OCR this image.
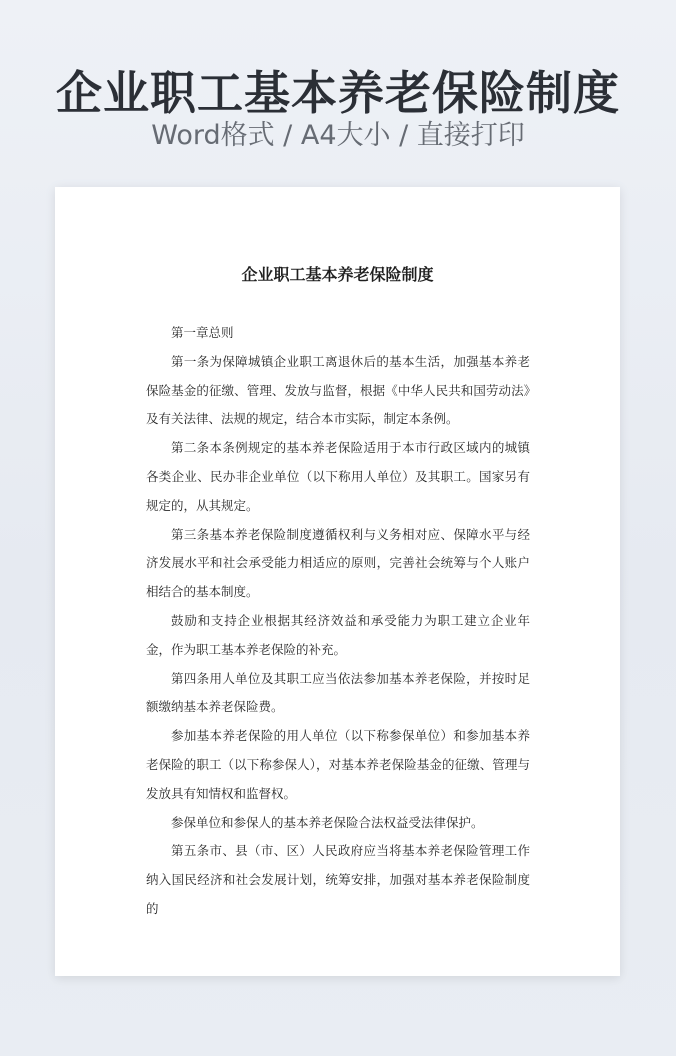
企业职工基本养老保险制度
Word格式 / A4大小 / 直接打印
企业职工基本养老保险制度

第一章总则

第一条为保障城镇企业职工离退休后的基本生活，加强基本养老保险基金的征缴、管理、发放与监督，根据《中华人民共和国劳动法》及有关法律、法规的规定，结合本市实际，制定本条例。

第二条本条例规定的基本养老保险适用于本市行政区域内的城镇各类企业、民办非企业单位（以下称用人单位）及其职工。国家另有规定的，从其规定。

第三条基本养老保险制度遵循权利与义务相对应、保障水平与经济发展水平和社会承受能力相适应的原则，完善社会统筹与个人账户相结合的基本制度。

鼓励和支持企业根据其经济效益和承受能力为职工建立企业年金，作为职工基本养老保险的补充。

第四条用人单位及其职工应当依法参加基本养老保险，并按时足额缴纳基本养老保险费。

参加基本养老保险的用人单位（以下称参保单位）和参加基本养老保险的职工（以下称参保人），对基本养老保险基金的征缴、管理与发放具有知情权和监督权。

参保单位和参保人的基本养老保险合法权益受法律保护。

第五条市、县（市、区）人民政府应当将基本养老保险管理工作纳入国民经济和社会发展计划，统筹安排，加强对基本养老保险制度的
